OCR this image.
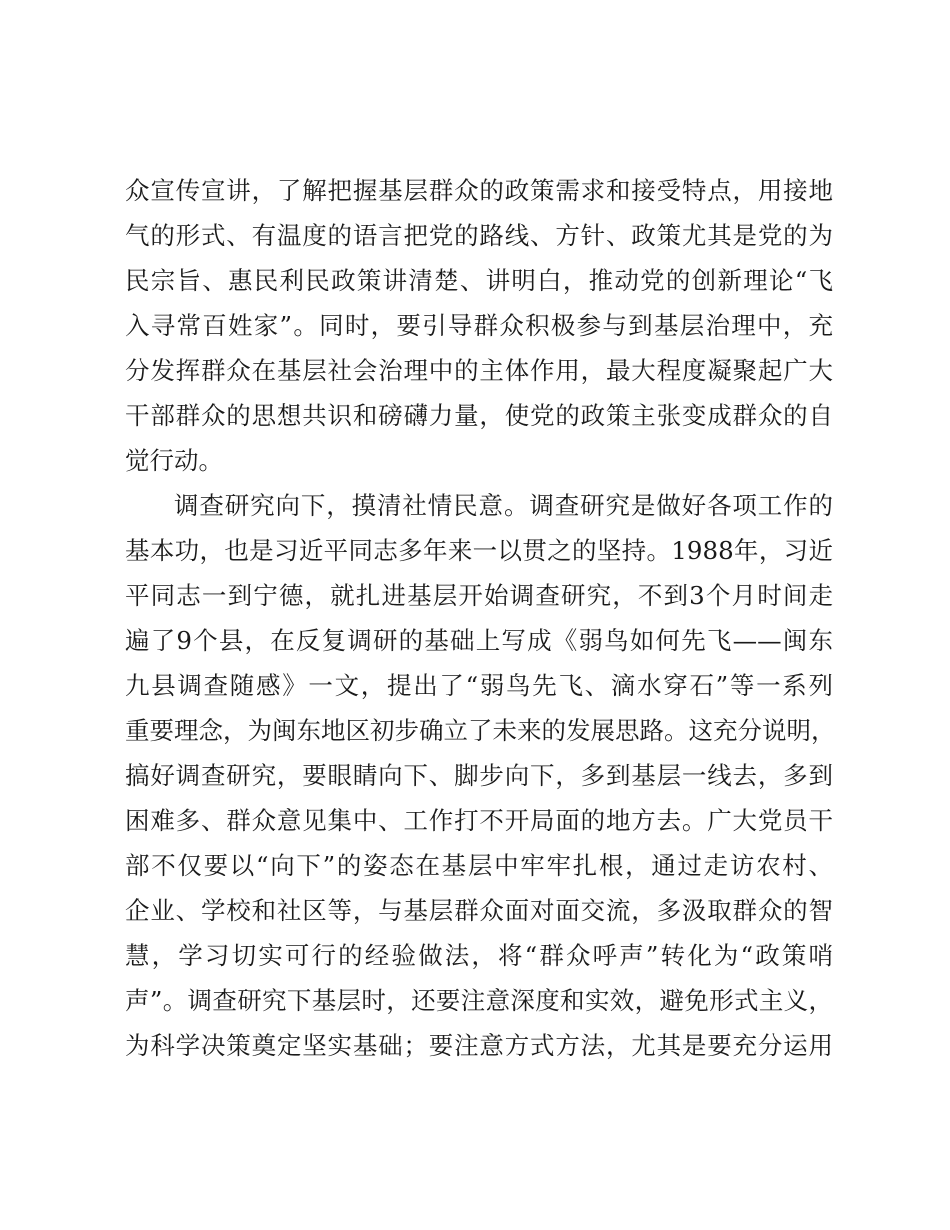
众宣传宣讲，了解把握基层群众的政策需求和接受特点，用接地
气的形式、有温度的语言把党的路线、方针、政策尤其是党的为
民宗旨、惠民利民政策讲清楚、讲明白，推动党的创新理论“飞
入寻常百姓家”。同时，要引导群众积极参与到基层治理中，充
分发挥群众在基层社会治理中的主体作用，最大程度凝聚起广大
干部群众的思想共识和磅礴力量，使党的政策主张变成群众的自
觉行动。
调查研究向下，摸清社情民意。调查研究是做好各项工作的
基本功，也是习近平同志多年来一以贯之的坚持。1988年，习近
平同志一到宁德，就扎进基层开始调查研究，不到3个月时间走
遍了9个县，在反复调研的基础上写成《弱鸟如何先飞——闽东
九县调查随感》一文，提出了“弱鸟先飞、滴水穿石”等一系列
重要理念，为闽东地区初步确立了未来的发展思路。这充分说明，
搞好调查研究，要眼睛向下、脚步向下，多到基层一线去，多到
困难多、群众意见集中、工作打不开局面的地方去。广大党员干
部不仅要以“向下”的姿态在基层中牢牢扎根，通过走访农村、
企业、学校和社区等，与基层群众面对面交流，多汲取群众的智
慧，学习切实可行的经验做法，将“群众呼声”转化为“政策哨
声”。调查研究下基层时，还要注意深度和实效，避免形式主义，
为科学决策奠定坚实基础；要注意方式方法，尤其是要充分运用
